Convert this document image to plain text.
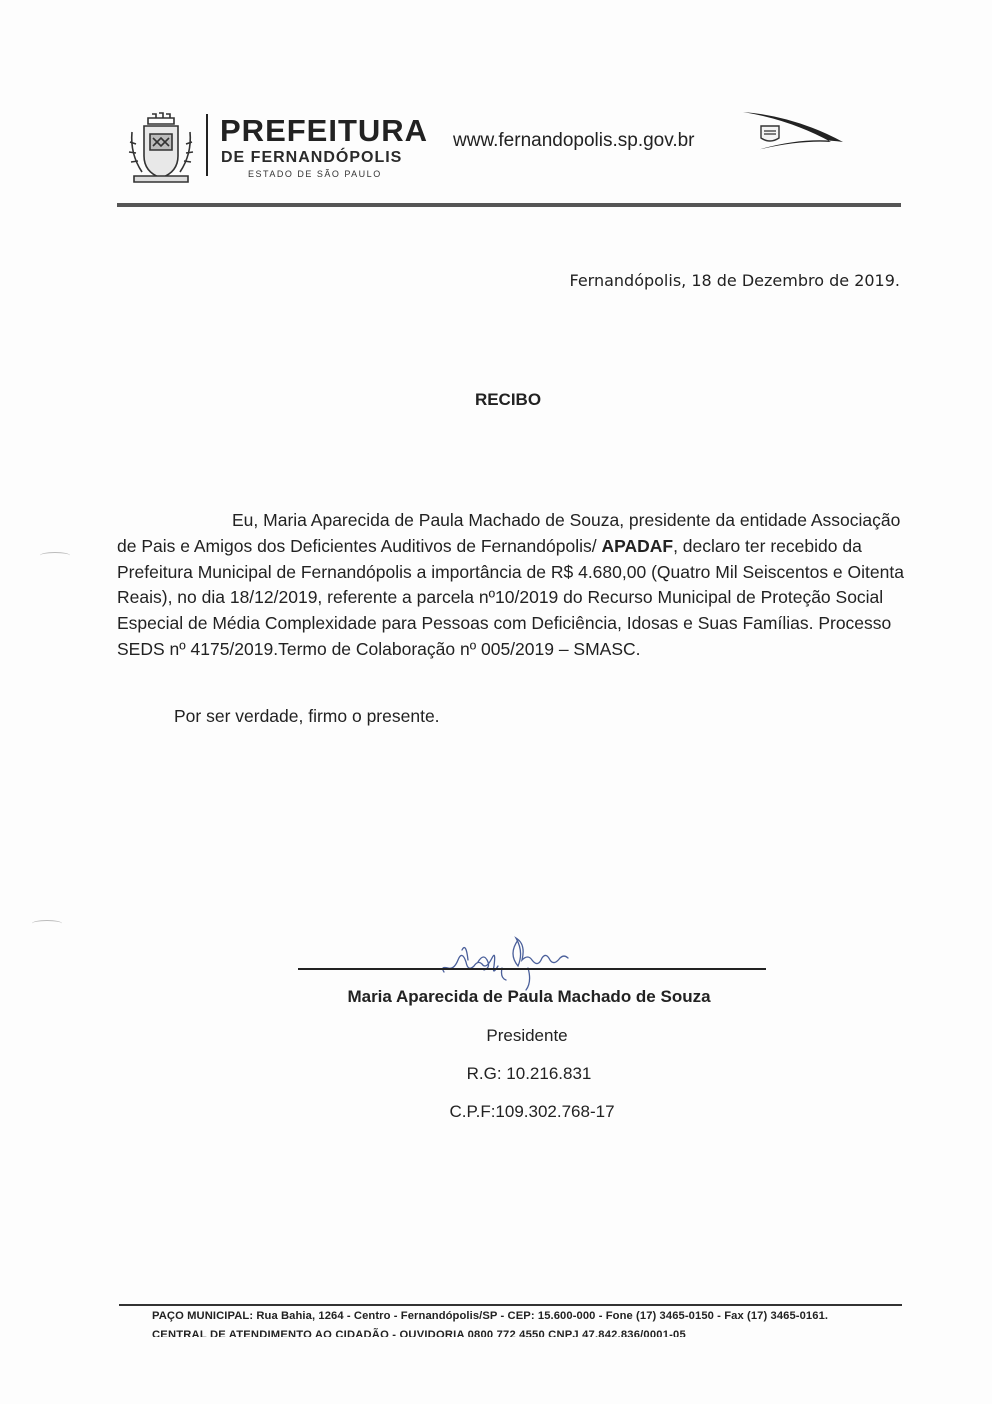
PREFEITURA
DE FERNANDÓPOLIS
ESTADO DE SÃO PAULO
www.fernandopolis.sp.gov.br
Fernandópolis, 18 de Dezembro de 2019.
RECIBO

Eu, Maria Aparecida de Paula Machado de Souza, presidente da entidade Associação de Pais e Amigos dos Deficientes Auditivos de Fernandópolis/ APADAF, declaro ter recebido da Prefeitura Municipal de Fernandópolis a importância de R$ 4.680,00 (Quatro Mil Seiscentos e Oitenta Reais), no dia 18/12/2019, referente a parcela nº10/2019 do Recurso Municipal de Proteção Social Especial de Média Complexidade para Pessoas com Deficiência, Idosas e Suas Famílias. Processo SEDS nº 4175/2019.Termo de Colaboração nº 005/2019 – SMASC.

Por ser verdade, firmo o presente.
Maria Aparecida de Paula Machado de Souza
Presidente
R.G: 10.216.831
C.P.F:109.302.768-17
PAÇO MUNICIPAL: Rua Bahia, 1264 - Centro - Fernandópolis/SP - CEP: 15.600-000 - Fone (17) 3465-0150 - Fax (17) 3465-0161.
CENTRAL DE ATENDIMENTO AO CIDADÃO - OUVIDORIA 0800 772 4550 CNPJ 47.842.836/0001-05
